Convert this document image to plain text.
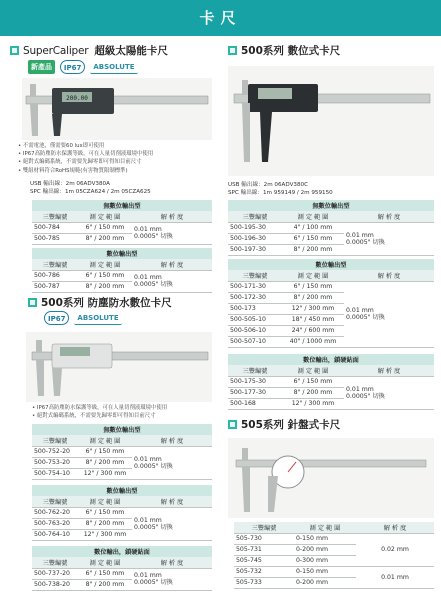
卡尺
SuperCaliper 超級太陽能卡尺
新產品 IP67 ABSOLUTE
200.00
• 不需電池，僅需要60 lux即可使用
• IP67高防塵防水保護等級，可在人量切削液環境中使用
• 絕對式編碼系統，不需要先歸零即可得知目前尺寸
• 雙組材料符合RoHS規範(有害物質限制標準)
USB 輸出線：2m 06ADV380A
SPC 輸出線：1m 05CZA624 / 2m 05CZA625
無數位輸出型		
三豐編號	測 定 範 圍	解 析 度
500-784	6" / 150 mm	0.01 mm
0.0005" 切換

500-785	8" / 200 mm	
數位輸出型		
三豐編號	測 定 範 圍	解 析 度
500-786	6" / 150 mm	0.01 mm
0.0005" 切換

500-787	8" / 200 mm	
500系列 防塵防水數位卡尺
IP67 ABSOLUTE
• IP67高防塵防水保護等級，可在人量切削液環境中使用
• 絕對式編碼系統，不需要先歸零即可得知目前尺寸
無數位輸出型		
三豐編號	測 定 範 圍	解 析 度
500-752-20	6" / 150 mm	0.01 mm
0.0005" 切換

500-753-20	8" / 200 mm	
500-754-10	12" / 300 mm	
數位輸出型		
三豐編號	測 定 範 圍	解 析 度
500-762-20	6" / 150 mm	0.01 mm
0.0005" 切換

500-763-20	8" / 200 mm	
500-764-10	12" / 300 mm	
數位輸出，鎖硬鉆面		
三豐編號	測 定 範 圍	解 析 度
500-737-20	6" / 150 mm	0.01 mm
0.0005" 切換

500-738-20	8" / 200 mm	
500系列 數位式卡尺
USB 輸出線：2m 06ADV380C
SPC 輸出線：1m 959149 / 2m 959150
無數位輸出型		
三豐編號	測 定 範 圍	解 析 度
500-195-30	4" / 100 mm	0.01 mm
0.0005" 切換

500-196-30	6" / 150 mm	
500-197-30	8" / 200 mm	
數位輸出型		
三豐編號	測 定 範 圍	解 析 度
500-171-30	6" / 150 mm	0.01 mm
0.0005" 切換

500-172-30	8" / 200 mm	
500-173	12" / 300 mm	
500-505-10	18" / 450 mm	
500-506-10	24" / 600 mm	
500-507-10	40" / 1000 mm	
數位輸出，鎖硬鉆面		
三豐編號	測 定 範 圍	解 析 度
500-175-30	6" / 150 mm	0.01 mm
0.0005" 切換

500-177-30	8" / 200 mm	
500-168	12" / 300 mm	
505系列 針盤式卡尺
三豐編號	測 定 範 圍	解 析 度
505-730	0-150 mm	0.02 mm
505-731	0-200 mm	
505-745	0-300 mm	
505-732	0-150 mm	0.01 mm
505-733	0-200 mm	
